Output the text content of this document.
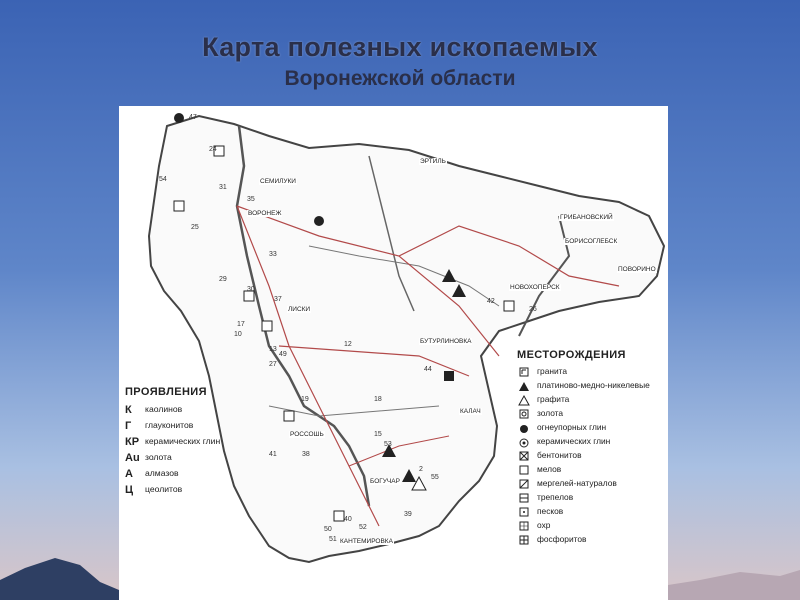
Карта полезных ископаемых
Воронежской области
ВОРОНЕЖ
ЭРТИЛЬ
ЛИСКИ
БУТУРЛИНОВКА
НОВОХОПЕРСК
ПОВОРИНО
КАЛАЧ
БОГУЧАР
РОССОШЬ
КАНТЕМИРОВКА
БОРИСОГЛЕБСК
ГРИБАНОВСКИЙ
СЕМИЛУКИ
ПРОЯВЛЕНИЯ
К	каолинов
Г	глауконитов
КР керамических глин
Au золота
А	алмазов
Ц	цеолитов
МЕСТОРОЖДЕНИЯ
гранита
платиново-медно-никелевые
графита
золота
огнеупорных глин
керамических глин
бентонитов
мелов
мергелей-натуралов
трепелов
песков
охр
фосфоритов
47
24
54
31
35
25
33
29
30
37
17
10
12
13
49
42
26
44
19
38
41
15
53
2
55
39
50
51
52
40
18
27
